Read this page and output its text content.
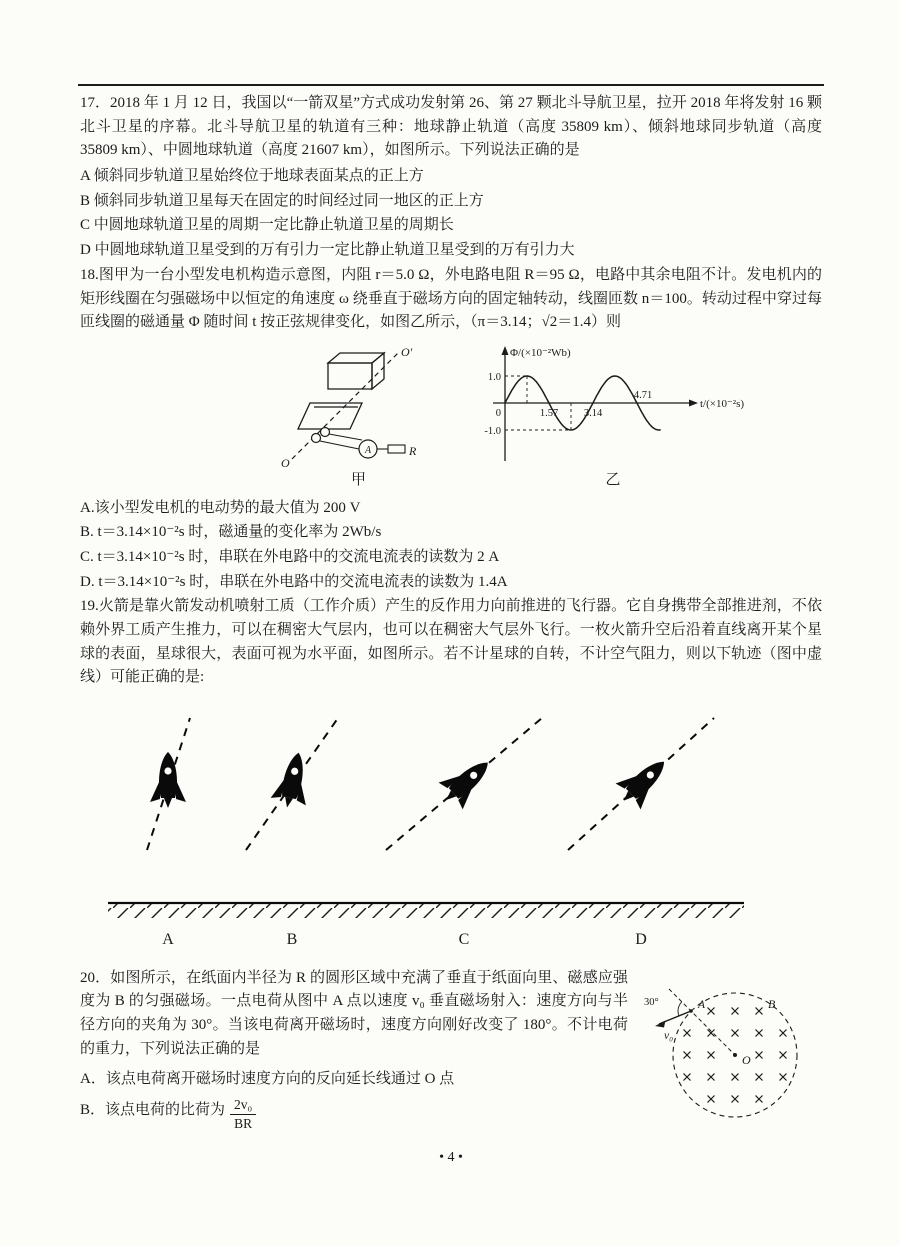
17．2018 年 1 月 12 日，我国以“一箭双星”方式成功发射第 26、第 27 颗北斗导航卫星，拉开 2018 年将发射 16 颗北斗卫星的序幕。北斗导航卫星的轨道有三种：地球静止轨道（高度 35809 km）、倾斜地球同步轨道（高度 35809 km）、中圆地球轨道（高度 21607 km），如图所示。下列说法正确的是

A 倾斜同步轨道卫星始终位于地球表面某点的正上方

B 倾斜同步轨道卫星每天在固定的时间经过同一地区的正上方

C 中圆地球轨道卫星的周期一定比静止轨道卫星的周期长

D 中圆地球轨道卫星受到的万有引力一定比静止轨道卫星受到的万有引力大

18.图甲为一台小型发电机构造示意图，内阻 r＝5.0 Ω，外电路电阻 R＝95 Ω，电路中其余电阻不计。发电机内的矩形线圈在匀强磁场中以恒定的角速度 ω 绕垂直于磁场方向的固定轴转动，线圈匝数 n＝100。转动过程中穿过每匝线圈的磁通量 Φ 随时间 t 按正弦规律变化，如图乙所示，（π＝3.14；√2＝1.4）则

O′
O
A	R
甲
Φ/(×10⁻²Wb)
t/(×10⁻²s)
1.0
0
-1.0
1.57 3.14
4.71
乙

A.该小型发电机的电动势的最大值为 200 V

B. t＝3.14×10⁻²s 时，磁通量的变化率为 2Wb/s

C. t＝3.14×10⁻²s 时，串联在外电路中的交流电流表的读数为 2 A

D. t＝3.14×10⁻²s 时，串联在外电路中的交流电流表的读数为 1.4A

19.火箭是靠火箭发动机喷射工质（工作介质）产生的反作用力向前推进的飞行器。它自身携带全部推进剂，不依赖外界工质产生推力，可以在稠密大气层内，也可以在稠密大气层外飞行。一枚火箭升空后沿着直线离开某个星球的表面，星球很大，表面可视为水平面，如图所示。若不计星球的自转，不计空气阻力，则以下轨迹（图中虚线）可能正确的是:

A	B	C	D
A
v₀
30°	B
O

20．如图所示，在纸面内半径为 R 的圆形区域中充满了垂直于纸面向里、磁感应强度为 B 的匀强磁场。一点电荷从图中 A 点以速度 v₀ 垂直磁场射入：速度方向与半径方向的夹角为 30°。当该电荷离开磁场时，速度方向刚好改变了 180°。不计电荷的重力，下列说法正确的是

A．该点电荷离开磁场时速度方向的反向延长线通过 O 点

B．该点电荷的比荷为 $\frac{\text{2v₀}}{BR}$

• 4 •
